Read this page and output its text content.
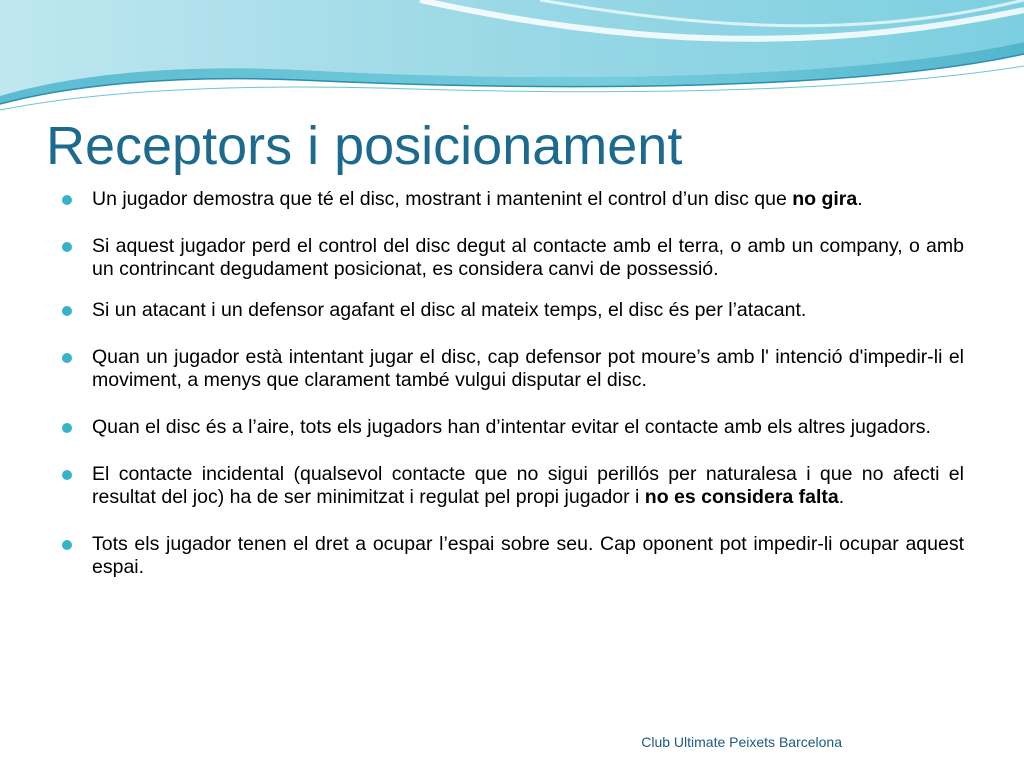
Receptors i posicionament
Un jugador demostra que té el disc, mostrant i mantenint el control d’un disc que no gira.
Si aquest jugador perd el control del disc degut al contacte amb el terra, o amb un company, o amb un contrincant degudament posicionat, es considera canvi de possessió.
Si un atacant i un defensor agafant el disc al mateix temps, el disc és per l’atacant.
Quan un jugador està intentant jugar el disc, cap defensor pot moure’s amb l' intenció d'impedir-li el moviment, a menys que clarament també vulgui disputar el disc.
Quan el disc és a l’aire, tots els jugadors han d’intentar evitar el contacte amb els altres jugadors.
El contacte incidental (qualsevol contacte que no sigui perillós per naturalesa i que no afecti el resultat del joc) ha de ser minimitzat i regulat pel propi jugador i no es considera falta.
Tots els jugador tenen el dret a ocupar l’espai sobre seu. Cap oponent pot impedir-li ocupar aquest espai.
Club Ultimate Peixets Barcelona
